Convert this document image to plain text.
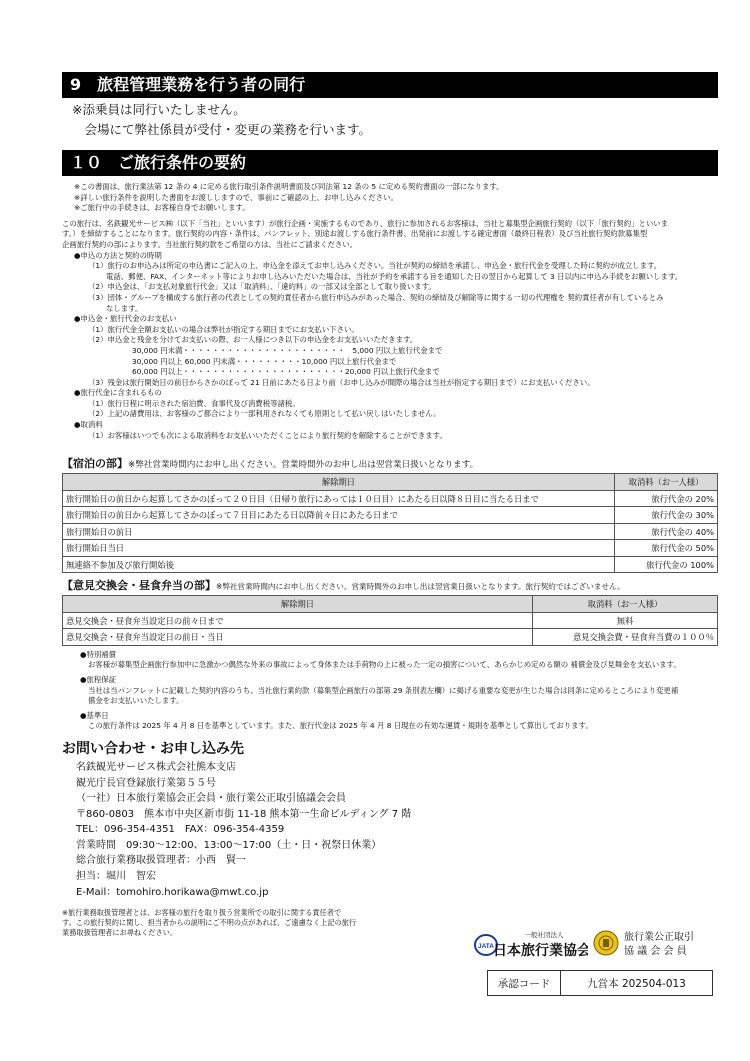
9　旅程管理業務を行う者の同行
※添乗員は同行いたしません。
　会場にて弊社係員が受付・変更の業務を行います。
１０　ご旅行条件の要約
※この書面は、旅行業法第 12 条の 4 に定める旅行取引条件説明書面及び同法第 12 条の 5 に定める契約書面の一部になります。
※詳しい旅行条件を説明した書面をお渡ししますので、事前にご確認の上、お申し込みください。
※ご旅行中の手続きは、お客様自身でお願いします。
この旅行は、名鉄観光サービス㈱（以下「当社」といいます）が旅行企画・実施するものであり、旅行に参加されるお客様は、当社と募集型企画旅行契約（以下「旅行契約」といいま
す。）を締結することになります。旅行契約の内容・条件は、パンフレット、別途お渡しする旅行条件書、出発前にお渡しする確定書面（最終日程表）及び当社旅行契約款募集型
企画旅行契約の部によります。当社旅行契約款をご希望の方は、当社にご請求ください。
●申込の方法と契約の時期
（1）旅行のお申込みは所定の申込書にご記入の上、申込金を添えてお申し込みください。当社が契約の締結を承諾し、申込金・旅行代金を受理した時に契約が成立します。
電話、郵便、FAX、インターネット等によりお申し込みいただいた場合は、当社が予約を承諾する旨を通知した日の翌日から起算して 3 日以内に申込み手続をお願いします。
（2）申込金は、「お支払対象旅行代金」又は「取消料」、「違約料」の一部又は全部として取り扱います。
（3）団体・グループを構成する旅行者の代表としての契約責任者から旅行申込みがあった場合、契約の締結及び解除等に関する一切の代理権を 契約責任者が有しているとみ
なします。
●申込金・旅行代金のお支払い
（1）旅行代金全額お支払いの場合は弊社が指定する期日までにお支払い下さい。
（2）申込金と残金を分けてお支払いの際、お一人様につき以下の申込金をお支払いいただきます。
30,000 円未満・・・・・・・・・・・・・・・・・・・・・・　5,000 円以上旅行代金まで
30,000 円以上 60,000 円未満・・・・・・・・・10,000 円以上旅行代金まで
60,000 円以上・・・・・・・・・・・・・・・・・・・・・・20,000 円以上旅行代金まで
（3）残金は旅行開始日の前日からさかのぼって 21 日前にあたる日より前（お申し込みが間際の場合は当社が指定する期日まで）にお支払いください。
●旅行代金に含まれるもの
（1）旅行日程に明示された宿泊費、食事代及び消費税等諸税。
（2）上記の諸費用は、お客様のご都合により一部利用されなくても原則として払い戻しはいたしません。
●取消料
（1）お客様はいつでも次による取消料をお支払いいただくことにより旅行契約を解除することができます。
【宿泊の部】※弊社営業時間内にお申し出ください。営業時間外のお申し出は翌営業日扱いとなります。
解除期日	取消料（お一人様）
旅行開始日の前日から起算してさかのぼって２０日目（日帰り旅行にあっては１０日目）にあたる日以降８日目に当たる日まで	旅行代金の 20%
旅行開始日の前日から起算してさかのぼって７日目にあたる日以降前々日にあたる日まで	旅行代金の 30%
旅行開始日の前日	旅行代金の 40%
旅行開始日当日	旅行代金の 50%
無連絡不参加及び旅行開始後	旅行代金の 100%
【意見交換会・昼食弁当の部】※弊社営業時間内にお申し出ください。営業時間外のお申し出は翌営業日扱いとなります。旅行契約ではございません。
解除期日	取消料（お一人様）
意見交換会・昼食弁当設定日の前々日まで	無料
意見交換会・昼食弁当設定日の前日・当日	意見交換会費・昼食弁当費の１００％
●特別補償
お客様が募集型企画旅行参加中に急激かつ偶然な外来の事故によって身体または手荷物の上に被った一定の損害について、あらかじめ定める額の 補償金及び見舞金を支払います。
●旅程保証
当社は当パンフレットに記載した契約内容のうち、当社旅行業約款（募集型企画旅行の部第 29 条別表左欄）に掲げる重要な変更が生じた場合は同条に定めるところにより変更補
償金をお支払いいたします。
●基準日
この旅行条件は 2025 年 4 月 8 日を基準としています。また、旅行代金は 2025 年 4 月 8 日現在の有効な運賃・規則を基準として算出しております。
お問い合わせ・お申し込み先
名鉄観光サービス株式会社熊本支店
観光庁長官登録旅行業第５５号
（一社）日本旅行業協会正会員・旅行業公正取引協議会会員
〒860-0803　熊本市中央区新市街 11-18 熊本第一生命ビルディング 7 階
TEL：096-354-4351　FAX：096-354-4359
営業時間　09:30～12:00、13:00～17:00（土・日・祝祭日休業）
総合旅行業務取扱管理者：小西　賢一
担当：堀川　智宏
E-Mail：tomohiro.horikawa@mwt.co.jp
※旅行業務取扱管理者とは、お客様の旅行を取り扱う営業所での取引に関する責任者で
す。この旅行契約に関し、担当者からの説明にご不明の点があれば、ご遠慮なく上記の旅行
業務取扱管理者にお尋ねください。
JATA
一般社団法人
日本旅行業協会
旅行業公正取引
協 議 会 会 員
承認コード	九営本 202504-013
